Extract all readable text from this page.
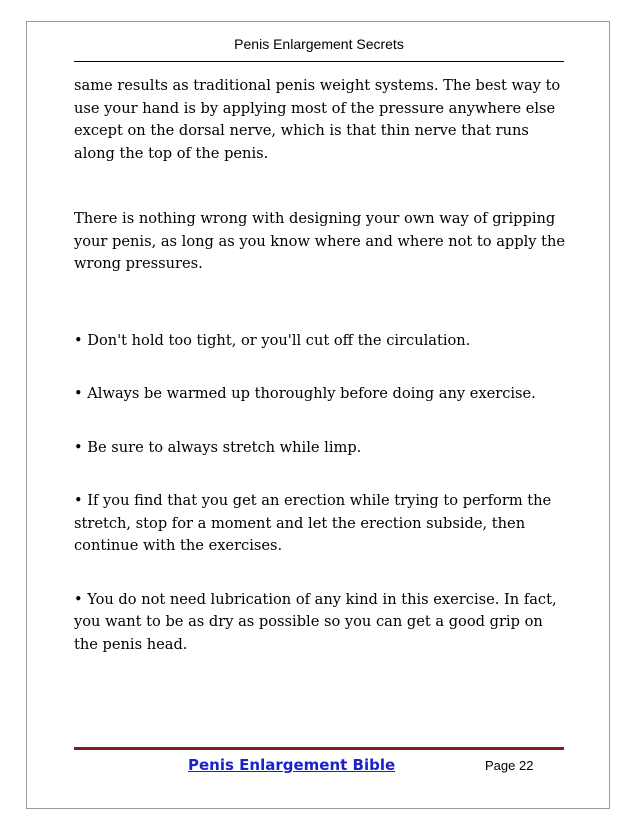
Penis Enlargement Secrets

same results as traditional penis weight systems. The best way to use your hand is by applying most of the pressure anywhere else except on the dorsal nerve, which is that thin nerve that runs along the top of the penis.

There is nothing wrong with designing your own way of gripping your penis, as long as you know where and where not to apply the wrong pressures.

• Don't hold too tight, or you'll cut off the circulation.

• Always be warmed up thoroughly before doing any exercise.

• Be sure to always stretch while limp.

• If you find that you get an erection while trying to perform the stretch, stop for a moment and let the erection subside, then continue with the exercises.

• You do not need lubrication of any kind in this exercise. In fact, you want to be as dry as possible so you can get a good grip on the penis head.

Penis Enlargement Bible	Page 22
